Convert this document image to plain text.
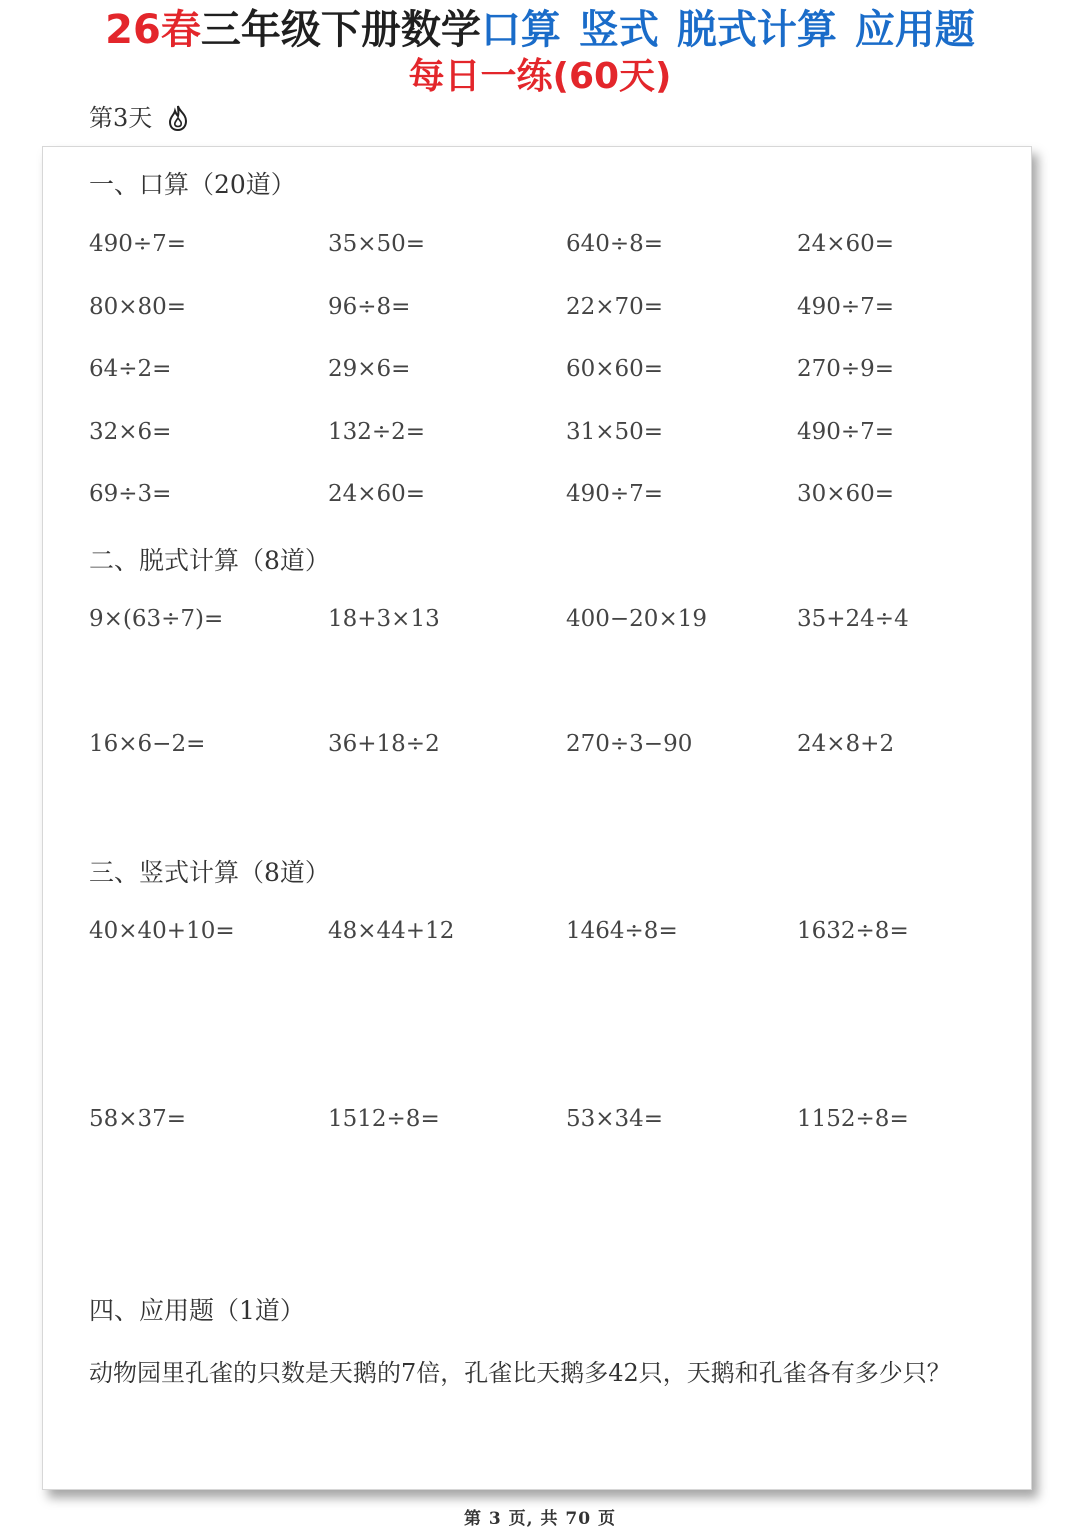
26春三年级下册数学口算 竖式 脱式计算 应用题
每日一练(60天)
第3天
一、口算（20道）
490÷7=	35×50=	640÷8=	24×60=
80×80=	96÷8=	22×70=	490÷7=
64÷2=	29×6=	60×60=	270÷9=
32×6=	132÷2=	31×50=	490÷7=
69÷3=	24×60=	490÷7=	30×60=
二、脱式计算（8道）
9×(63÷7)=	18+3×13	400−20×19	35+24÷4
16×6−2=	36+18÷2	270÷3−90	24×8+2
三、竖式计算（8道）
40×40+10=	48×44+12	1464÷8=	1632÷8=
58×37=	1512÷8=	53×34=	1152÷8=
四、应用题（1道）
动物园里孔雀的只数是天鹅的7倍，孔雀比天鹅多42只，天鹅和孔雀各有多少只？
第 3 页, 共 70 页
